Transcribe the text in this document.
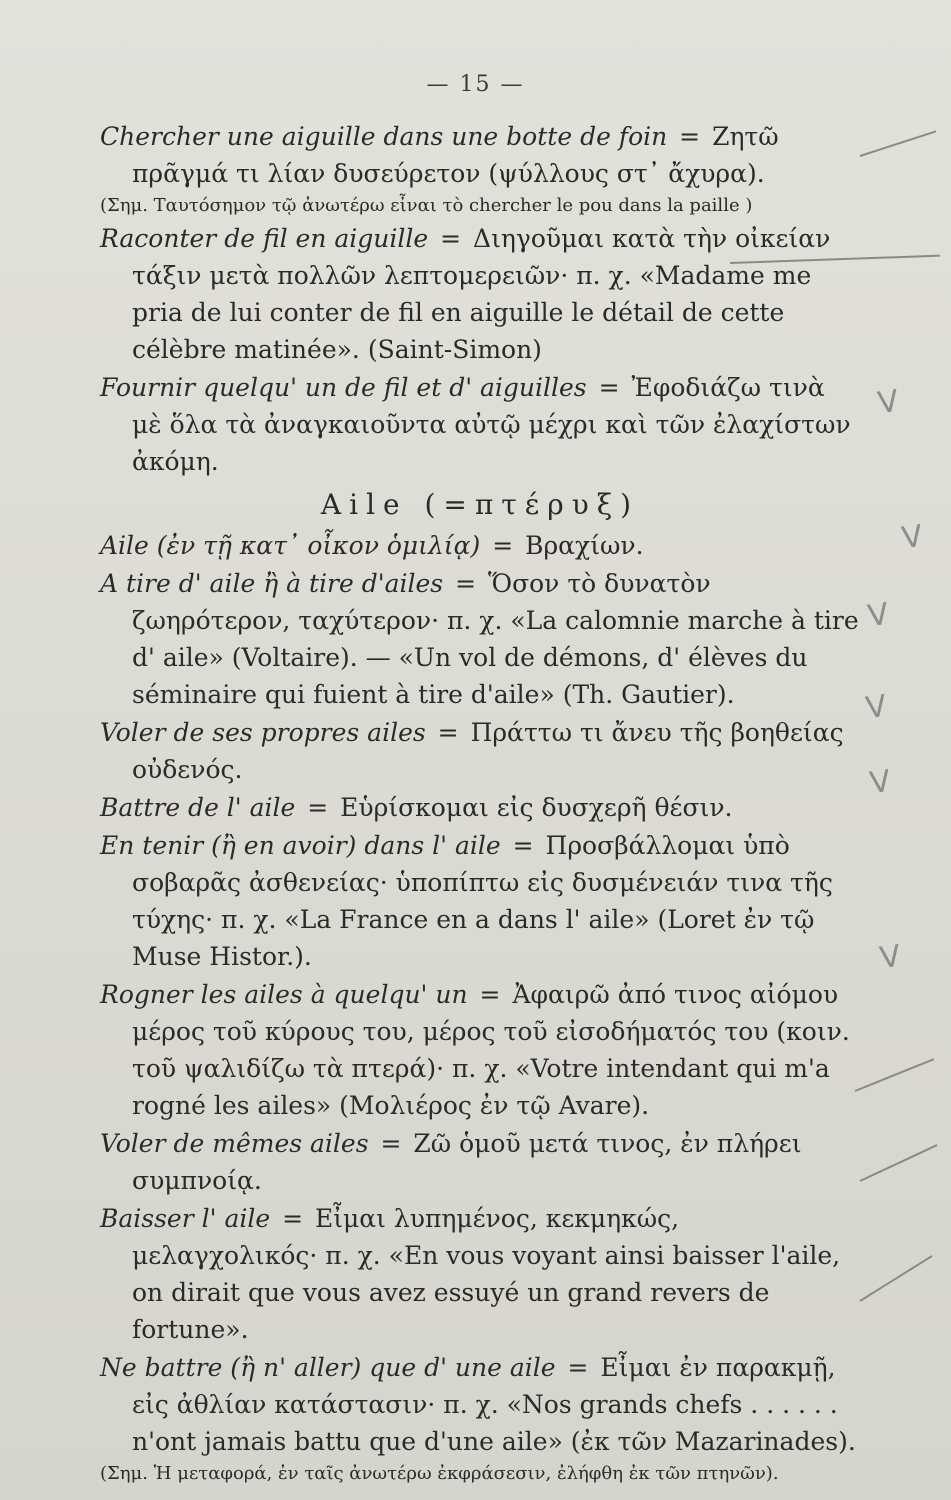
— 15 —
V
V
V
V
V
V

Chercher une aiguille dans une botte de foin = Ζητῶ πρᾶγμά τι λίαν δυσεύρετον (ψύλλους στ᾽ ἄχυρα).

(Σημ. Ταυτόσημον τῷ ἀνωτέρω εἶναι τὸ chercher le pou dans la paille )

Raconter de fil en aiguille = Διηγοῦμαι κατὰ τὴν οἰκείαν τάξιν μετὰ πολλῶν λεπτομερειῶν· π. χ. «Madame me pria de lui conter de fil en aiguille le détail de cette célèbre matinée». (Saint-Simon)

Fournir quelqu' un de fil et d' aiguilles = Ἐφοδιάζω τινὰ μὲ ὅλα τὰ ἀναγκαιοῦντα αὐτῷ μέχρι καὶ τῶν ἐλαχίστων ἀκόμη.

Aile (=πτέρυξ)

Aile (ἐν τῇ κατ᾽ οἶκον ὁμιλίᾳ) = Βραχίων.

A tire d' aile ἢ à tire d'ailes = Ὅσον τὸ δυνατὸν ζωηρότερον, ταχύτερον· π. χ. «La calomnie marche à tire d' aile» (Voltaire). — «Un vol de démons, d' élèves du séminaire qui fuient à tire d'aile» (Th. Gautier).

Voler de ses propres ailes = Πράττω τι ἄνευ τῆς βοηθείας οὐδενός.

Battre de l' aile = Εὑρίσκομαι εἰς δυσχερῆ θέσιν.

En tenir (ἢ en avoir) dans l' aile = Προσβάλλομαι ὑπὸ σοβαρᾶς ἀσθενείας· ὑποπίπτω εἰς δυσμένειάν τινα τῆς τύχης· π. χ. «La France en a dans l' aile» (Loret ἐν τῷ Muse Histor.).

Rogner les ailes à quelqu' un = Ἀφαιρῶ ἀπό τινος αἰόμου μέρος τοῦ κύρους του, μέρος τοῦ εἰσοδήματός του (κοιν. τοῦ ψαλιδίζω τὰ πτερά)· π. χ. «Votre intendant qui m'a rogné les ailes» (Μολιέρος ἐν τῷ Avare).

Voler de mêmes ailes = Ζῶ ὁμοῦ μετά τινος, ἐν πλήρει συμπνοίᾳ.

Baisser l' aile = Εἶμαι λυπημένος, κεκμηκώς, μελαγχολικός· π. χ. «En vous voyant ainsi baisser l'aile, on dirait que vous avez essuyé un grand revers de fortune».

Ne battre (ἢ n' aller) que d' une aile = Εἶμαι ἐν παρακμῇ, εἰς ἀθλίαν κατάστασιν· π. χ. «Nos grands chefs . . . . . . n'ont jamais battu que d'une aile» (ἐκ τῶν Mazarinades).

(Σημ. Ἡ μεταφορά, ἐν ταῖς ἀνωτέρω ἐκφράσεσιν, ἐλήφθη ἐκ τῶν πτηνῶν).
